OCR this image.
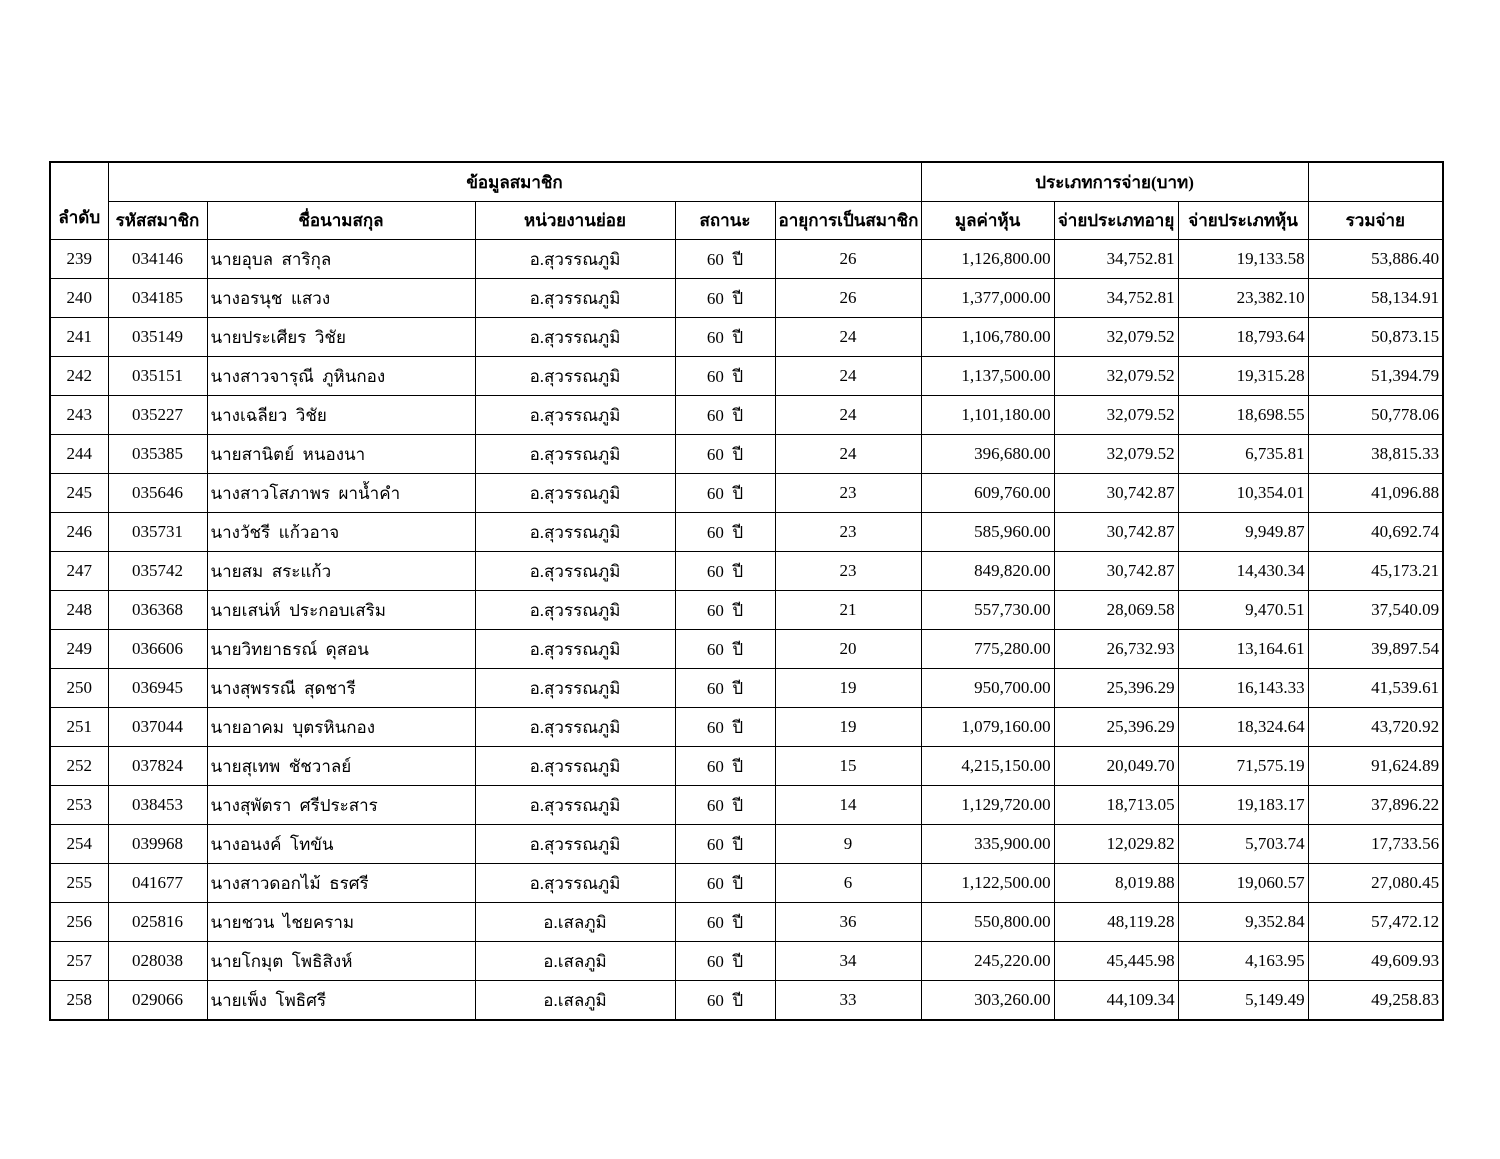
ลำดับ	ข้อมูลสมาชิก					ประเภทการจ่าย(บาท)			
	รหัสสมาชิก	ชื่อนามสกุล	หน่วยงานย่อย	สถานะ	อายุการเป็นสมาชิก	มูลค่าหุ้น	จ่ายประเภทอายุ	จ่ายประเภทหุ้น	รวมจ่าย
239	034146	นายอุบล  สาริกุล	อ.สุวรรณภูมิ	60  ปี	26	1,126,800.00	34,752.81	19,133.58	53,886.40
240	034185	นางอรนุช  แสวง	อ.สุวรรณภูมิ	60  ปี	26	1,377,000.00	34,752.81	23,382.10	58,134.91
241	035149	นายประเศียร  วิชัย	อ.สุวรรณภูมิ	60  ปี	24	1,106,780.00	32,079.52	18,793.64	50,873.15
242	035151	นางสาวจารุณี  ภูหินกอง	อ.สุวรรณภูมิ	60  ปี	24	1,137,500.00	32,079.52	19,315.28	51,394.79
243	035227	นางเฉลียว  วิชัย	อ.สุวรรณภูมิ	60  ปี	24	1,101,180.00	32,079.52	18,698.55	50,778.06
244	035385	นายสานิตย์  หนองนา	อ.สุวรรณภูมิ	60  ปี	24	396,680.00	32,079.52	6,735.81	38,815.33
245	035646	นางสาวโสภาพร  ผาน้ำคำ	อ.สุวรรณภูมิ	60  ปี	23	609,760.00	30,742.87	10,354.01	41,096.88
246	035731	นางวัชรี  แก้วอาจ	อ.สุวรรณภูมิ	60  ปี	23	585,960.00	30,742.87	9,949.87	40,692.74
247	035742	นายสม  สระแก้ว	อ.สุวรรณภูมิ	60  ปี	23	849,820.00	30,742.87	14,430.34	45,173.21
248	036368	นายเสน่ห์  ประกอบเสริม	อ.สุวรรณภูมิ	60  ปี	21	557,730.00	28,069.58	9,470.51	37,540.09
249	036606	นายวิทยาธรณ์  ดุสอน	อ.สุวรรณภูมิ	60  ปี	20	775,280.00	26,732.93	13,164.61	39,897.54
250	036945	นางสุพรรณี  สุดชารี	อ.สุวรรณภูมิ	60  ปี	19	950,700.00	25,396.29	16,143.33	41,539.61
251	037044	นายอาคม  บุตรหินกอง	อ.สุวรรณภูมิ	60  ปี	19	1,079,160.00	25,396.29	18,324.64	43,720.92
252	037824	นายสุเทพ  ชัชวาลย์	อ.สุวรรณภูมิ	60  ปี	15	4,215,150.00	20,049.70	71,575.19	91,624.89
253	038453	นางสุพัตรา  ศรีประสาร	อ.สุวรรณภูมิ	60  ปี	14	1,129,720.00	18,713.05	19,183.17	37,896.22
254	039968	นางอนงค์  โทขัน	อ.สุวรรณภูมิ	60  ปี	9	335,900.00	12,029.82	5,703.74	17,733.56
255	041677	นางสาวดอกไม้  ธรศรี	อ.สุวรรณภูมิ	60  ปี	6	1,122,500.00	8,019.88	19,060.57	27,080.45
256	025816	นายชวน  ไชยคราม	อ.เสลภูมิ	60  ปี	36	550,800.00	48,119.28	9,352.84	57,472.12
257	028038	นายโกมุต  โพธิสิงห์	อ.เสลภูมิ	60  ปี	34	245,220.00	45,445.98	4,163.95	49,609.93
258	029066	นายเพ็ง  โพธิศรี	อ.เสลภูมิ	60  ปี	33	303,260.00	44,109.34	5,149.49	49,258.83
